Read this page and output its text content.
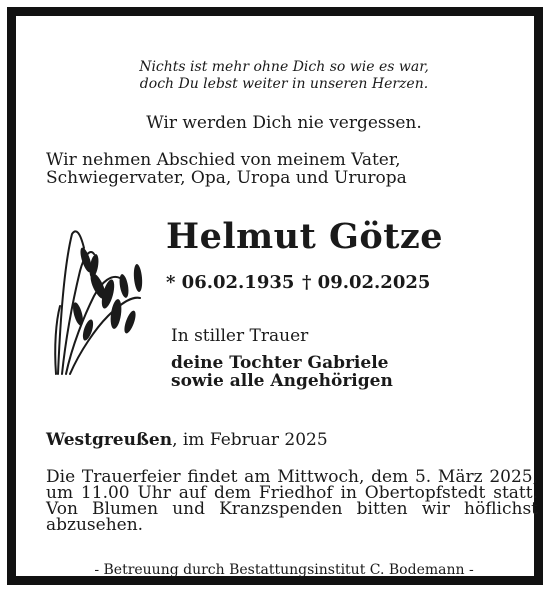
Nichts ist mehr ohne Dich so wie es war,
doch Du lebst weiter in unseren Herzen.
Wir werden Dich nie vergessen.
Wir nehmen Abschied von meinem Vater, Schwiegervater, Opa, Uropa und Ururopa
Helmut Götze
* 06.02.1935 † 09.02.2025
In stiller Trauer
deine Tochter Gabriele
sowie alle Angehörigen
Westgreußen, im Februar 2025
Die Trauerfeier findet am Mittwoch, dem 5. März 2025, um 11.00 Uhr auf dem Friedhof in Obertopfstedt statt. Von Blumen und Kranzspenden bitten wir höflichst abzusehen.
- Betreuung durch Bestattungsinstitut C. Bodemann -
